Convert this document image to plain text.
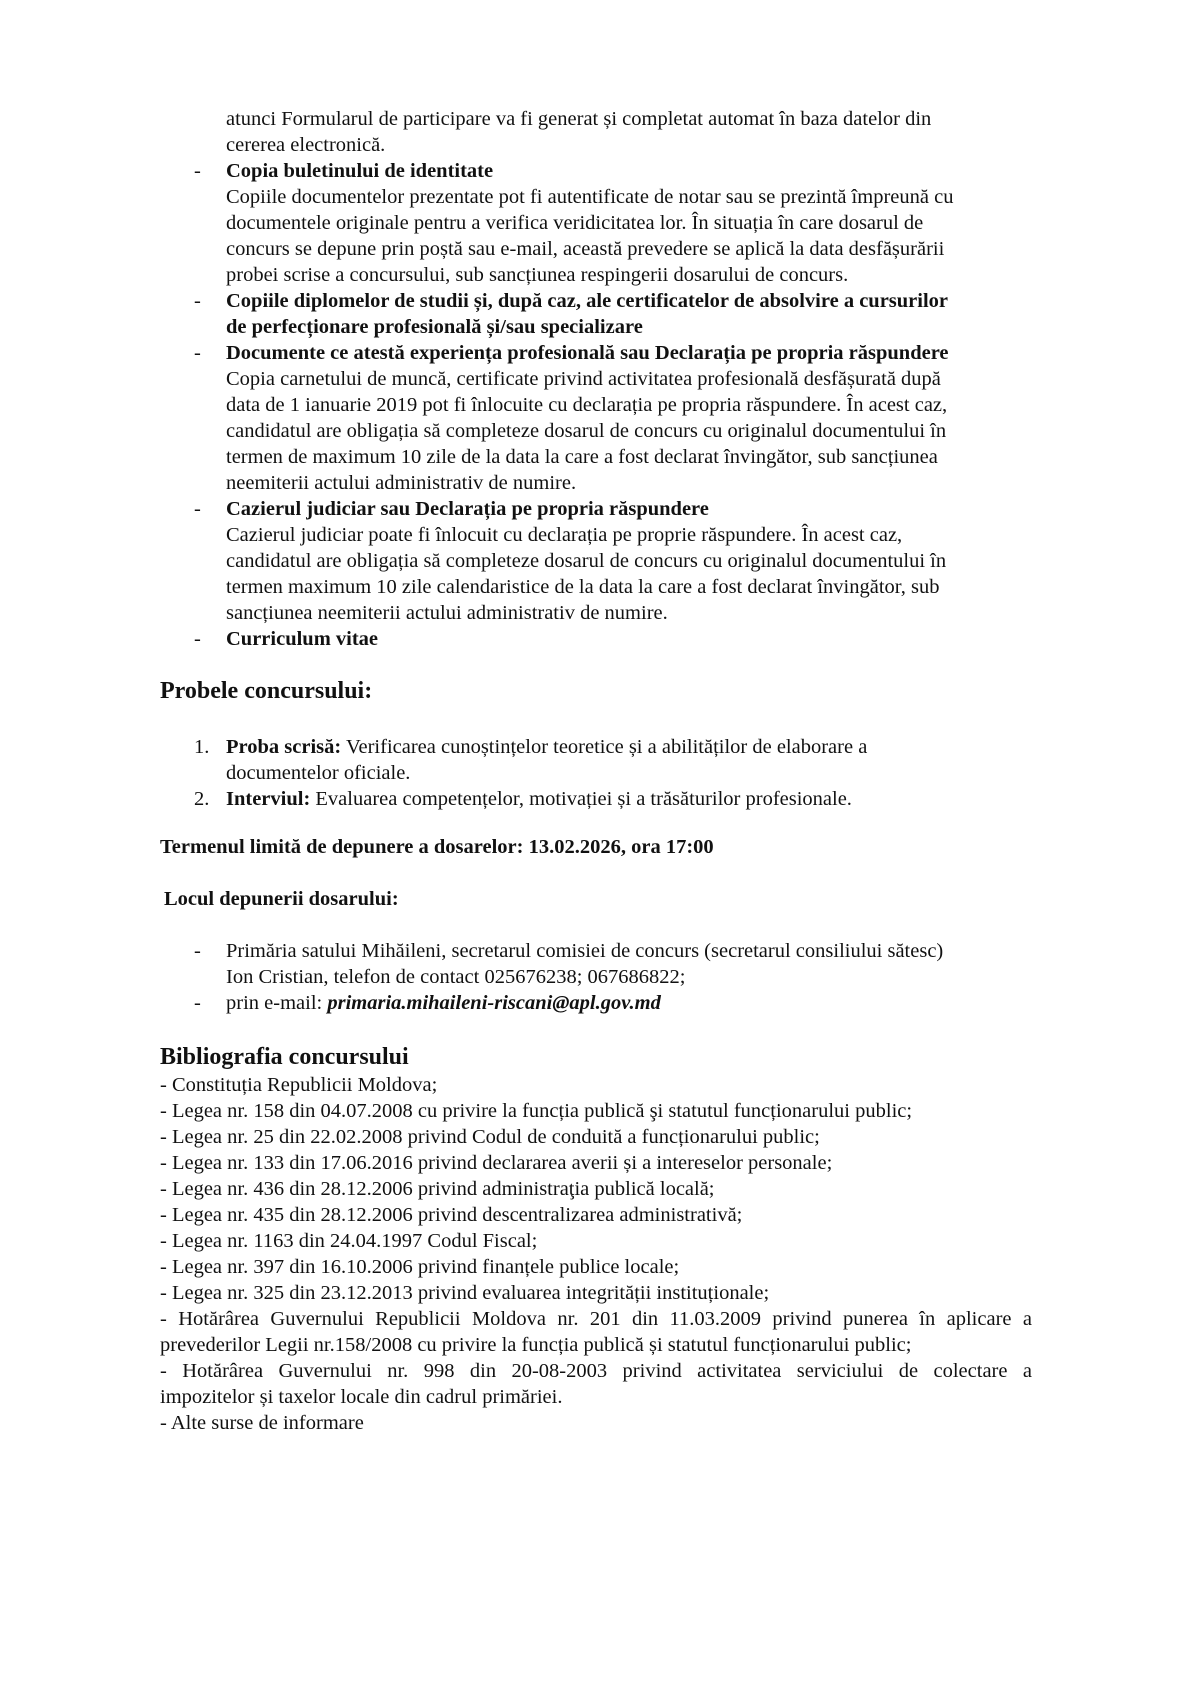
atunci Formularul de participare va fi generat și completat automat în baza datelor din
cererea electronică.
- Copia buletinului de identitate
Copiile documentelor prezentate pot fi autentificate de notar sau se prezintă împreună cu
documentele originale pentru a verifica veridicitatea lor. În situația în care dosarul de
concurs se depune prin poștă sau e-mail, această prevedere se aplică la data desfășurării
probei scrise a concursului, sub sancțiunea respingerii dosarului de concurs.
- Copiile diplomelor de studii și, după caz, ale certificatelor de absolvire a cursurilor
de perfecționare profesională și/sau specializare
- Documente ce atestă experiența profesională sau Declarația pe propria răspundere
Copia carnetului de muncă, certificate privind activitatea profesională desfășurată după
data de 1 ianuarie 2019 pot fi înlocuite cu declarația pe propria răspundere. În acest caz,
candidatul are obligația să completeze dosarul de concurs cu originalul documentului în
termen de maximum 10 zile de la data la care a fost declarat învingător, sub sancțiunea
neemiterii actului administrativ de numire.
- Cazierul judiciar sau Declarația pe propria răspundere
Cazierul judiciar poate fi înlocuit cu declarația pe proprie răspundere. În acest caz,
candidatul are obligația să completeze dosarul de concurs cu originalul documentului în
termen maximum 10 zile calendaristice de la data la care a fost declarat învingător, sub
sancțiunea neemiterii actului administrativ de numire.
- Curriculum vitae
Probele concursului:
1. Proba scrisă: Verificarea cunoștințelor teoretice și a abilităților de elaborare a
documentelor oficiale.
2. Interviul: Evaluarea competențelor, motivației și a trăsăturilor profesionale.
Termenul limită de depunere a dosarelor: 13.02.2026, ora 17:00
Locul depunerii dosarului:
- Primăria satului Mihăileni, secretarul comisiei de concurs (secretarul consiliului sătesc)
Ion Cristian, telefon de contact 025676238; 067686822;
- prin e-mail: primaria.mihaileni-riscani@apl.gov.md
Bibliografia concursului
- Constituția Republicii Moldova;
- Legea nr. 158 din 04.07.2008 cu privire la funcția publică şi statutul funcționarului public;
- Legea nr. 25 din 22.02.2008 privind Codul de conduită a funcționarului public;
- Legea nr. 133 din 17.06.2016 privind declararea averii și a intereselor personale;
- Legea nr. 436 din 28.12.2006 privind administraţia publică locală;
- Legea nr. 435 din 28.12.2006 privind descentralizarea administrativă;
- Legea nr. 1163 din 24.04.1997 Codul Fiscal;
- Legea nr. 397 din 16.10.2006 privind finanțele publice locale;
- Legea nr. 325 din 23.12.2013 privind evaluarea integrității instituționale;
- Hotărârea Guvernului Republicii Moldova nr. 201 din 11.03.2009 privind punerea în aplicare a
prevederilor Legii nr.158/2008 cu privire la funcția publică și statutul funcționarului public;
- Hotărârea Guvernului nr. 998 din 20-08-2003 privind activitatea serviciului de colectare a
impozitelor și taxelor locale din cadrul primăriei.
- Alte surse de informare
